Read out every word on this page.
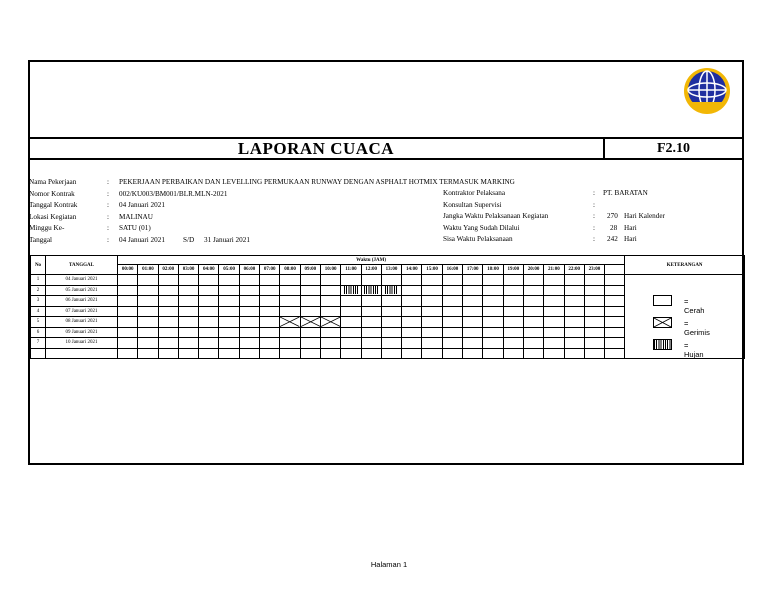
LAPORAN CUACA	F2.10
Nama Pekerjaan	: PEKERJAAN PERBAIKAN DAN LEVELLING PERMUKAAN RUNWAY DENGAN ASPHALT HOTMIX TERMASUK MARKING
Nomor Kontrak	: 002/KU003/BM001/BLR.MLN-2021
Tanggal Kontrak	: 04 Januari 2021
Lokasi Kegiatan	: MALINAU
Minggu Ke-	: SATU (01)
Tanggal	: 04 Januari 2021	S/D 31 Januari 2021
Kontraktor Pelaksana	: PT. BARATAN
Konsultan Supervisi	:
Jangka Waktu Pelaksanaan Kegiatan	: 270 Hari Kalender
Waktu Yang Sudah Dilalui	: 28 Hari
Sisa Waktu Pelaksanaan	: 242 Hari
No	TANGGAL	Waktu (JAM)																									KETERANGAN
		00:00	01:00	02:00	03:00	04:00	05:00	06:00	07:00	08:00	09:00	10:00	11:00	12:00	13:00	14:00	15:00	16:00	17:00	18:00	19:00	20:00	21:00	22:00	23:00		
1	04 Januari 2021																										
2	05 Januari 2021													

3	06 Januari 2021																										
4	07 Januari 2021																										
5	08 Januari 2021									

6	09 Januari 2021																										
7	10 Januari 2021																										

= Cerah
= Gerimis
= Hujan
Halaman 1
